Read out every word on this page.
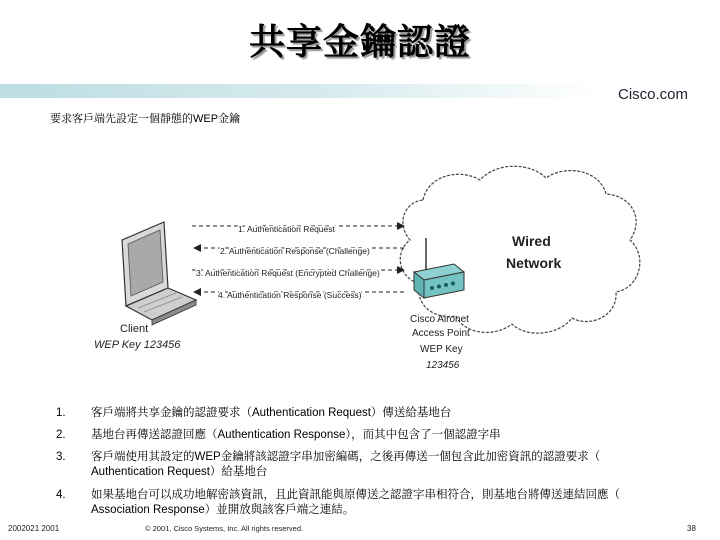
共享金鑰認證
Cisco.com
要求客戶端先設定一個靜態的WEP金鑰
Wired
Network
Client
WEP Key 123456
Cisco Aironet
Access Point
WEP Key
123456
1. Authentication Request
2. Authentication Response (Challenge)
3. Authentication Request (Encrypted Challenge)
4. Authentication Response (Success)
1.	客戶端將共享金鑰的認證要求（Authentication Request）傳送給基地台
2.	基地台再傳送認證回應（Authentication Response），而其中包含了一個認證字串
3.	客戶端使用其設定的WEP金鑰將該認證字串加密編碼，之後再傳送一個包含此加密資訊的認證要求（
Authentication Request）給基地台
4.	如果基地台可以成功地解密該資訊，且此資訊能與原傳送之認證字串相符合，則基地台將傳送連結回應（
Association Response）並開放與該客戶端之連結。
2002021 2001	© 2001, Cisco Systems, Inc. All rights reserved.	38
